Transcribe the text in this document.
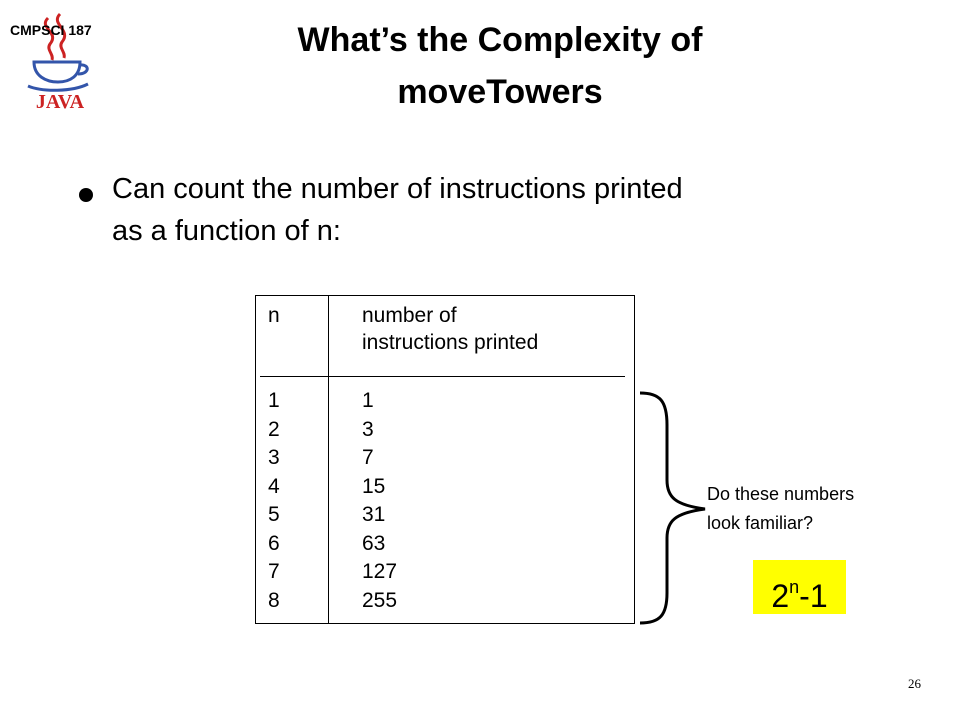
JAVA
CMPSCI 187	What’s the Complexity of
moveTowers
Can count the number of instructions printed
as a function of n:
n	number of
instructions printed
1	1
2	3
3	7
4	15
5	31
6	63
7	127
8	255
Do these numbers
look familiar?
2$^n$-1
26
